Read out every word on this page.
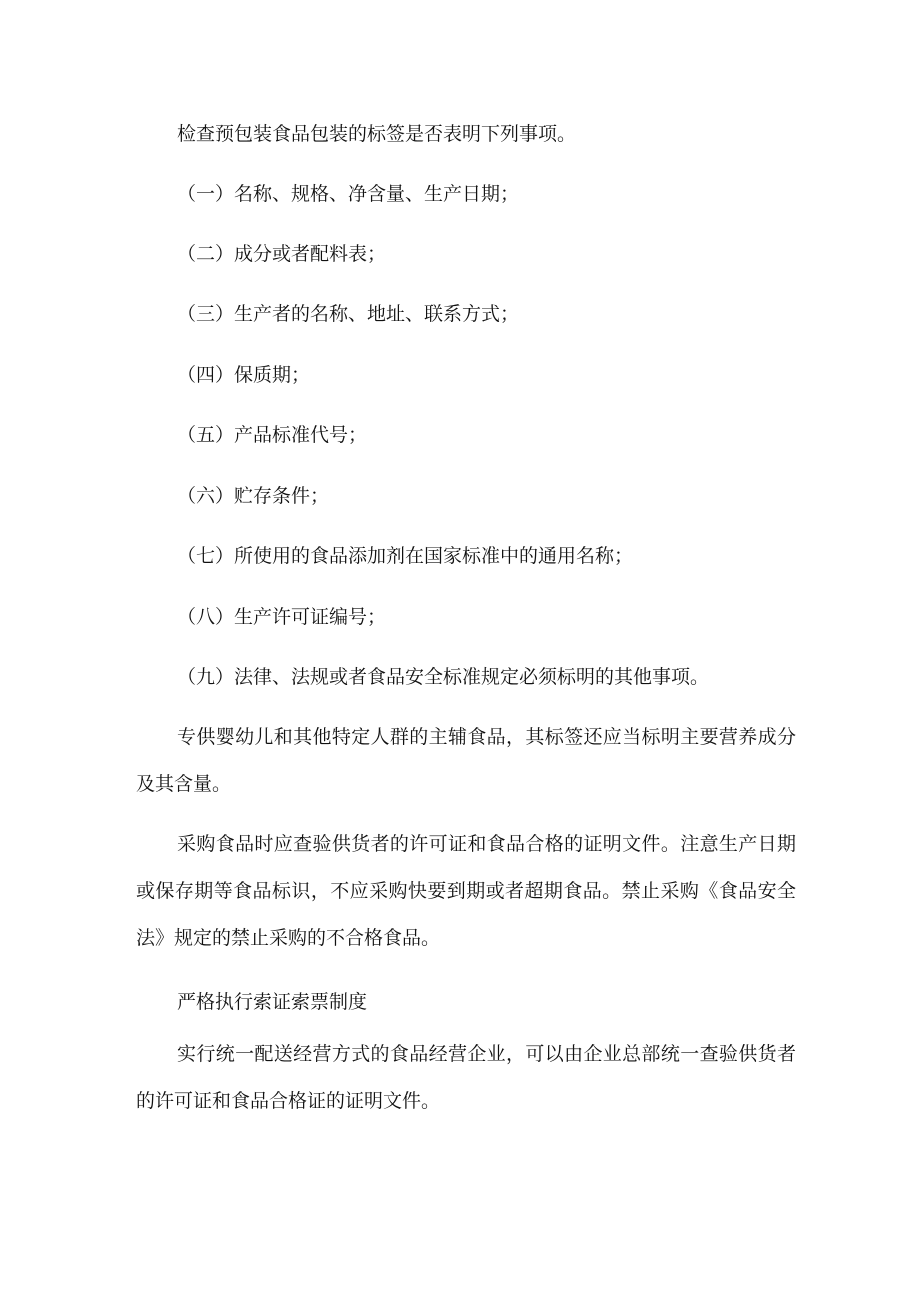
检查预包装食品包装的标签是否表明下列事项。
（一）名称、规格、净含量、生产日期；
（二）成分或者配料表；
（三）生产者的名称、地址、联系方式；
（四）保质期；
（五）产品标准代号；
（六）贮存条件；
（七）所使用的食品添加剂在国家标准中的通用名称；
（八）生产许可证编号；
（九）法律、法规或者食品安全标准规定必须标明的其他事项。
专供婴幼儿和其他特定人群的主辅食品，其标签还应当标明主要营养成分及其含量。
采购食品时应查验供货者的许可证和食品合格的证明文件。注意生产日期或保存期等食品标识，不应采购快要到期或者超期食品。禁止采购《食品安全法》规定的禁止采购的不合格食品。
严格执行索证索票制度
实行统一配送经营方式的食品经营企业，可以由企业总部统一查验供货者的许可证和食品合格证的证明文件。
